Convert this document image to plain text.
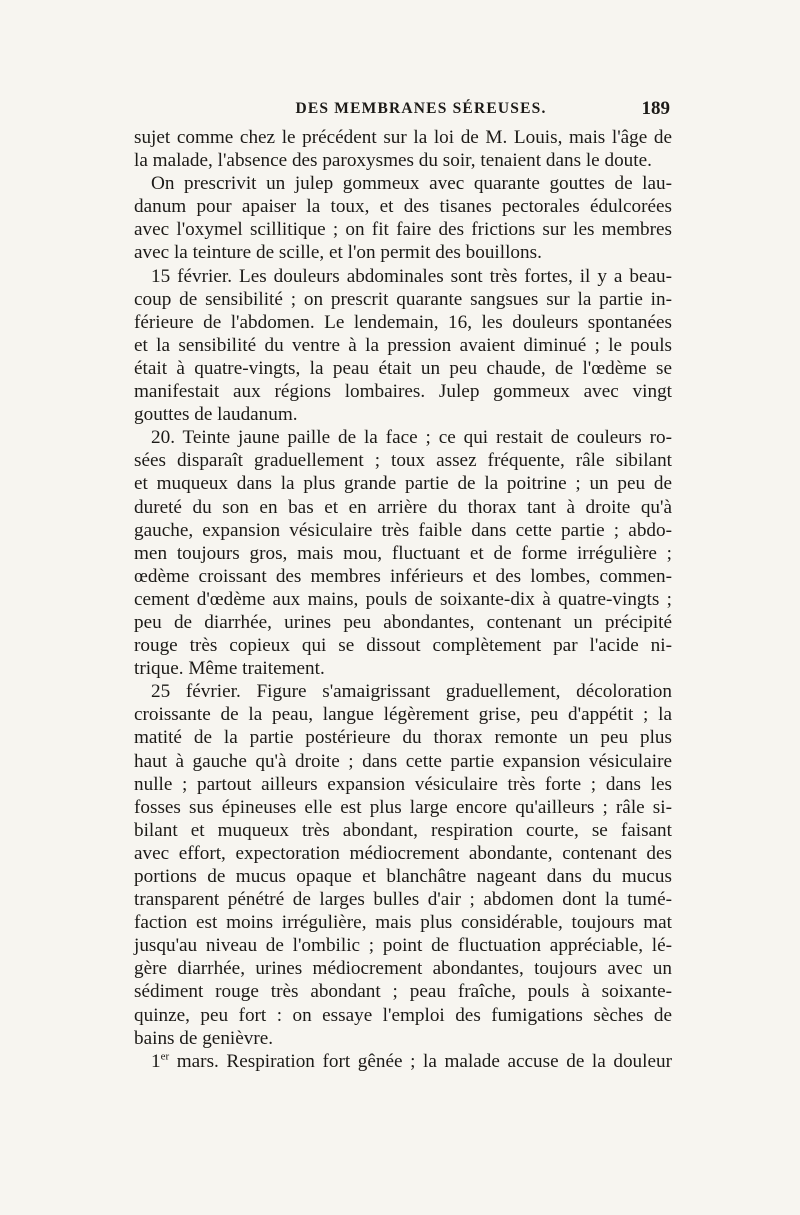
DES MEMBRANES SÉREUSES.	189
sujet comme chez le précédent sur la loi de M. Louis, mais l'âge de
la malade, l'absence des paroxysmes du soir, tenaient dans le doute.
On prescrivit un julep gommeux avec quarante gouttes de lau-
danum pour apaiser la toux, et des tisanes pectorales édulcorées
avec l'oxymel scillitique ; on fit faire des frictions sur les membres
avec la teinture de scille, et l'on permit des bouillons.
15 février. Les douleurs abdominales sont très fortes, il y a beau-
coup de sensibilité ; on prescrit quarante sangsues sur la partie in-
férieure de l'abdomen. Le lendemain, 16, les douleurs spontanées
et la sensibilité du ventre à la pression avaient diminué ; le pouls
était à quatre-vingts, la peau était un peu chaude, de l'œdème se
manifestait aux régions lombaires. Julep gommeux avec vingt
gouttes de laudanum.
20. Teinte jaune paille de la face ; ce qui restait de couleurs ro-
sées disparaît graduellement ; toux assez fréquente, râle sibilant
et muqueux dans la plus grande partie de la poitrine ; un peu de
dureté du son en bas et en arrière du thorax tant à droite qu'à
gauche, expansion vésiculaire très faible dans cette partie ; abdo-
men toujours gros, mais mou, fluctuant et de forme irrégulière ;
œdème croissant des membres inférieurs et des lombes, commen-
cement d'œdème aux mains, pouls de soixante-dix à quatre-vingts ;
peu de diarrhée, urines peu abondantes, contenant un précipité
rouge très copieux qui se dissout complètement par l'acide ni-
trique. Même traitement.
25 février. Figure s'amaigrissant graduellement, décoloration
croissante de la peau, langue légèrement grise, peu d'appétit ; la
matité de la partie postérieure du thorax remonte un peu plus
haut à gauche qu'à droite ; dans cette partie expansion vésiculaire
nulle ; partout ailleurs expansion vésiculaire très forte ; dans les
fosses sus épineuses elle est plus large encore qu'ailleurs ; râle si-
bilant et muqueux très abondant, respiration courte, se faisant
avec effort, expectoration médiocrement abondante, contenant des
portions de mucus opaque et blanchâtre nageant dans du mucus
transparent pénétré de larges bulles d'air ; abdomen dont la tumé-
faction est moins irrégulière, mais plus considérable, toujours mat
jusqu'au niveau de l'ombilic ; point de fluctuation appréciable, lé-
gère diarrhée, urines médiocrement abondantes, toujours avec un
sédiment rouge très abondant ; peau fraîche, pouls à soixante-
quinze, peu fort : on essaye l'emploi des fumigations sèches de
bains de genièvre.
1er mars. Respiration fort gênée ; la malade accuse de la douleur
